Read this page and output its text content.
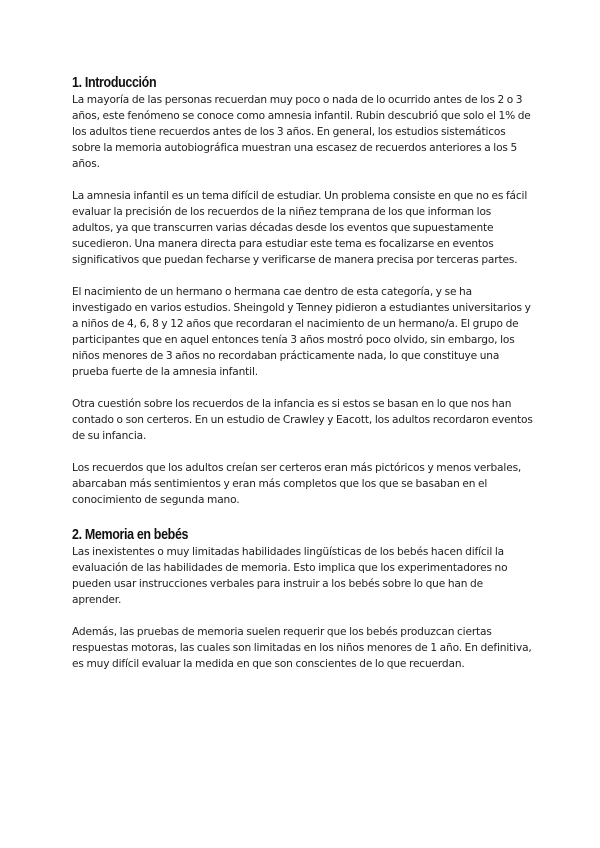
1. Introducción

La mayoría de las personas recuerdan muy poco o nada de lo ocurrido antes de los 2 o 3 años, este fenómeno se conoce como amnesia infantil. Rubin descubrió que solo el 1% de los adultos tiene recuerdos antes de los 3 años. En general, los estudios sistemáticos sobre la memoria autobiográfica muestran una escasez de recuerdos anteriores a los 5 años.

La amnesia infantil es un tema difícil de estudiar. Un problema consiste en que no es fácil evaluar la precisión de los recuerdos de la niñez temprana de los que informan los adultos, ya que transcurren varias décadas desde los eventos que supuestamente sucedieron. Una manera directa para estudiar este tema es focalizarse en eventos significativos que puedan fecharse y verificarse de manera precisa por terceras partes.

El nacimiento de un hermano o hermana cae dentro de esta categoría, y se ha investigado en varios estudios. Sheingold y Tenney pidieron a estudiantes universitarios y a niños de 4, 6, 8 y 12 años que recordaran el nacimiento de un hermano/a. El grupo de participantes que en aquel entonces tenía 3 años mostró poco olvido, sin embargo, los niños menores de 3 años no recordaban prácticamente nada, lo que constituye una prueba fuerte de la amnesia infantil.

Otra cuestión sobre los recuerdos de la infancia es si estos se basan en lo que nos han contado o son certeros. En un estudio de Crawley y Eacott, los adultos recordaron eventos de su infancia.

Los recuerdos que los adultos creían ser certeros eran más pictóricos y menos verbales, abarcaban más sentimientos y eran más completos que los que se basaban en el conocimiento de segunda mano.

2. Memoria en bebés

Las inexistentes o muy limitadas habilidades lingüísticas de los bebés hacen difícil la evaluación de las habilidades de memoria. Esto implica que los experimentadores no pueden usar instrucciones verbales para instruir a los bebés sobre lo que han de aprender.

Además, las pruebas de memoria suelen requerir que los bebés produzcan ciertas respuestas motoras, las cuales son limitadas en los niños menores de 1 año. En definitiva, es muy difícil evaluar la medida en que son conscientes de lo que recuerdan.
